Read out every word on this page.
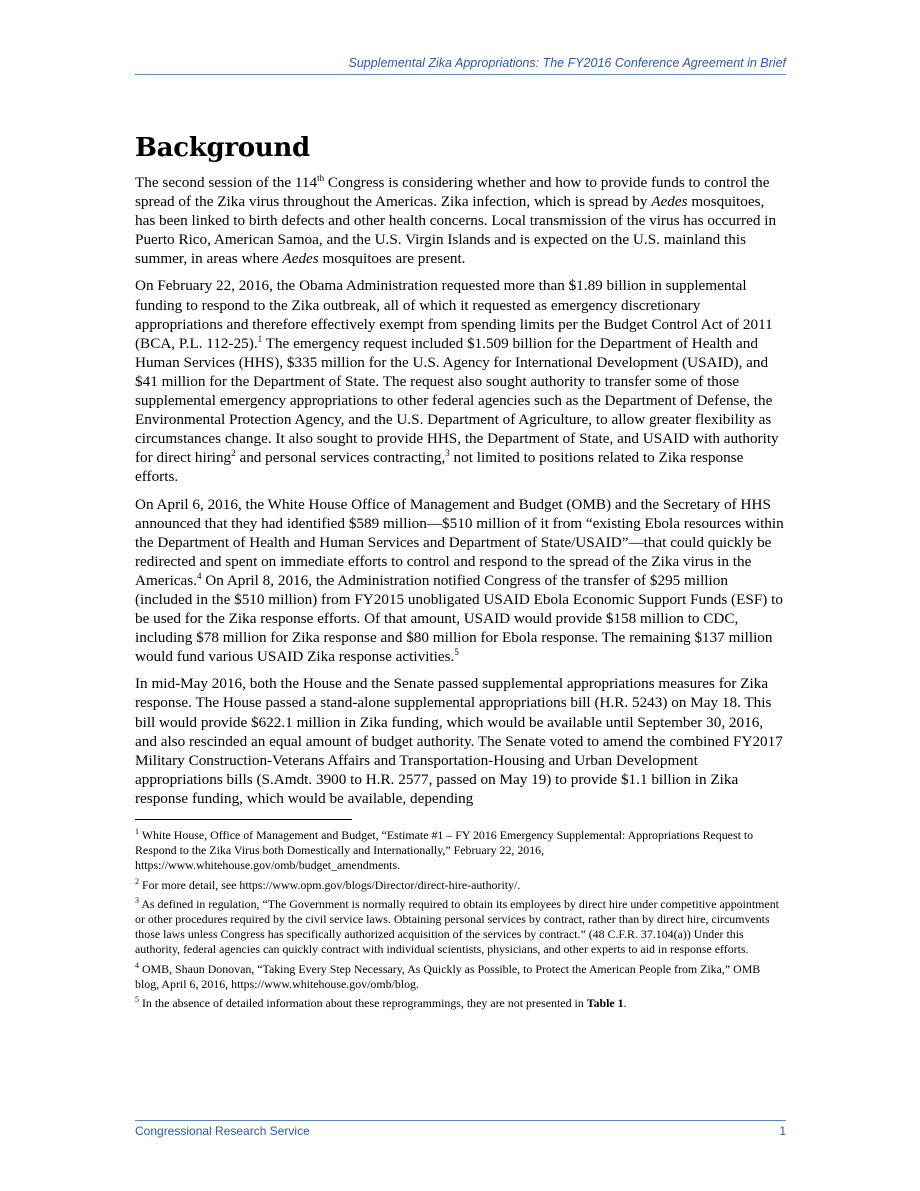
Supplemental Zika Appropriations: The FY2016 Conference Agreement in Brief
Background

The second session of the 114th Congress is considering whether and how to provide funds to control the spread of the Zika virus throughout the Americas. Zika infection, which is spread by Aedes mosquitoes, has been linked to birth defects and other health concerns. Local transmission of the virus has occurred in Puerto Rico, American Samoa, and the U.S. Virgin Islands and is expected on the U.S. mainland this summer, in areas where Aedes mosquitoes are present.

On February 22, 2016, the Obama Administration requested more than $1.89 billion in supplemental funding to respond to the Zika outbreak, all of which it requested as emergency discretionary appropriations and therefore effectively exempt from spending limits per the Budget Control Act of 2011 (BCA, P.L. 112-25).$^1$ The emergency request included $1.509 billion for the Department of Health and Human Services (HHS), $335 million for the U.S. Agency for International Development (USAID), and $41 million for the Department of State. The request also sought authority to transfer some of those supplemental emergency appropriations to other federal agencies such as the Department of Defense, the Environmental Protection Agency, and the U.S. Department of Agriculture, to allow greater flexibility as circumstances change. It also sought to provide HHS, the Department of State, and USAID with authority for direct hiring$^2$ and personal services contracting,$^3$ not limited to positions related to Zika response efforts.

On April 6, 2016, the White House Office of Management and Budget (OMB) and the Secretary of HHS announced that they had identified $589 million—$510 million of it from “existing Ebola resources within the Department of Health and Human Services and Department of State/USAID”—that could quickly be redirected and spent on immediate efforts to control and respond to the spread of the Zika virus in the Americas.$^4$ On April 8, 2016, the Administration notified Congress of the transfer of $295 million (included in the $510 million) from FY2015 unobligated USAID Ebola Economic Support Funds (ESF) to be used for the Zika response efforts. Of that amount, USAID would provide $158 million to CDC, including $78 million for Zika response and $80 million for Ebola response. The remaining $137 million would fund various USAID Zika response activities.$^5$

In mid-May 2016, both the House and the Senate passed supplemental appropriations measures for Zika response. The House passed a stand-alone supplemental appropriations bill (H.R. 5243) on May 18. This bill would provide $622.1 million in Zika funding, which would be available until September 30, 2016, and also rescinded an equal amount of budget authority. The Senate voted to amend the combined FY2017 Military Construction-Veterans Affairs and Transportation-Housing and Urban Development appropriations bills (S.Amdt. 3900 to H.R. 2577, passed on May 19) to provide $1.1 billion in Zika response funding, which would be available, depending

$^1$ White House, Office of Management and Budget, “Estimate #1 – FY 2016 Emergency Supplemental: Appropriations Request to Respond to the Zika Virus both Domestically and Internationally,” February 22, 2016, https://www.whitehouse.gov/omb/budget_amendments.

$^2$ For more detail, see https://www.opm.gov/blogs/Director/direct-hire-authority/.

$^3$ As defined in regulation, “The Government is normally required to obtain its employees by direct hire under competitive appointment or other procedures required by the civil service laws. Obtaining personal services by contract, rather than by direct hire, circumvents those laws unless Congress has specifically authorized acquisition of the services by contract.” (48 C.F.R. 37.104(a)) Under this authority, federal agencies can quickly contract with individual scientists, physicians, and other experts to aid in response efforts.

$^4$ OMB, Shaun Donovan, “Taking Every Step Necessary, As Quickly as Possible, to Protect the American People from Zika,” OMB blog, April 6, 2016, https://www.whitehouse.gov/omb/blog.

$^5$ In the absence of detailed information about these reprogrammings, they are not presented in Table 1.

Congressional Research Service	1
